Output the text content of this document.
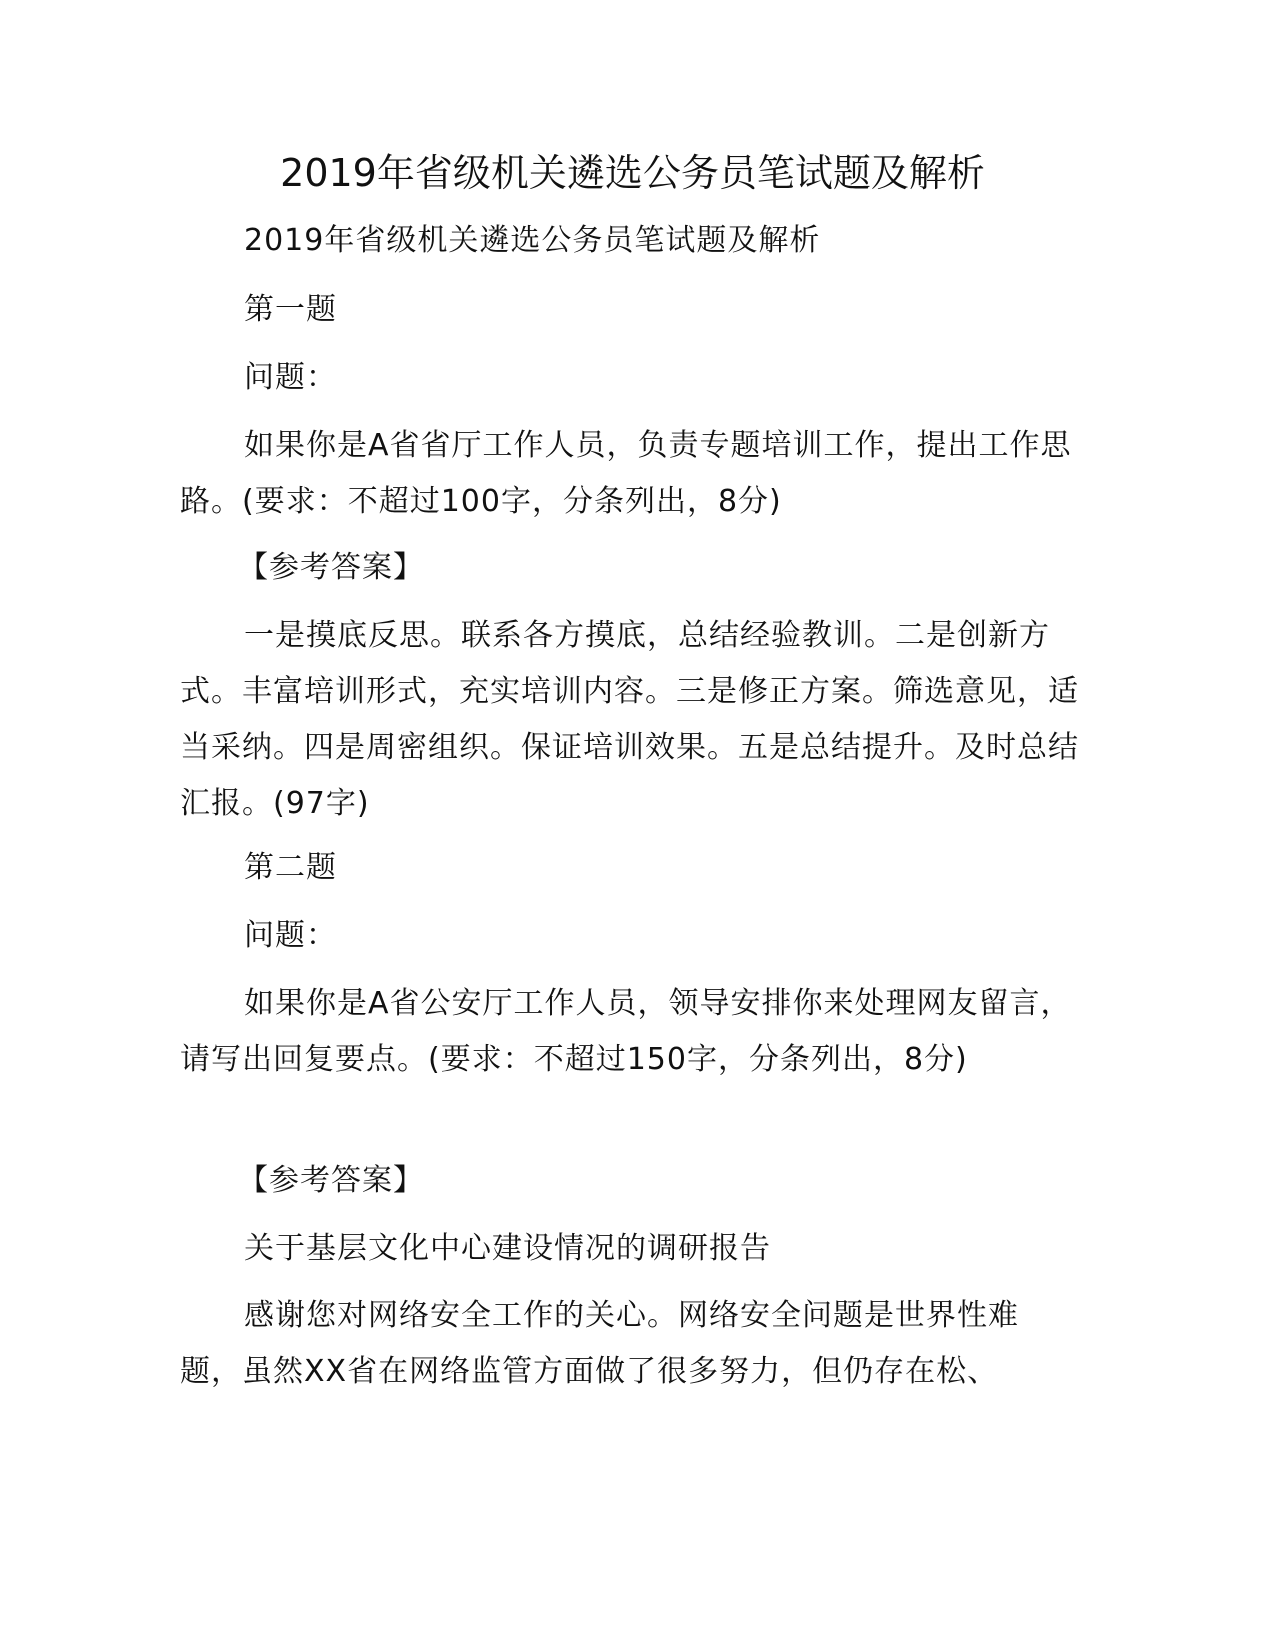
2019年省级机关遴选公务员笔试题及解析
2019年省级机关遴选公务员笔试题及解析
第一题
问题：
如果你是A省省厅工作人员，负责专题培训工作，提出工作思路。(要求：不超过100字，分条列出，8分)
【参考答案】
一是摸底反思。联系各方摸底，总结经验教训。二是创新方式。丰富培训形式，充实培训内容。三是修正方案。筛选意见，适当采纳。四是周密组织。保证培训效果。五是总结提升。及时总结汇报。(97字)
第二题
问题：
如果你是A省公安厅工作人员，领导安排你来处理网友留言，请写出回复要点。(要求：不超过150字，分条列出，8分)
【参考答案】
关于基层文化中心建设情况的调研报告
感谢您对网络安全工作的关心。网络安全问题是世界性难题，虽然XX省在网络监管方面做了很多努力，但仍存在松、
